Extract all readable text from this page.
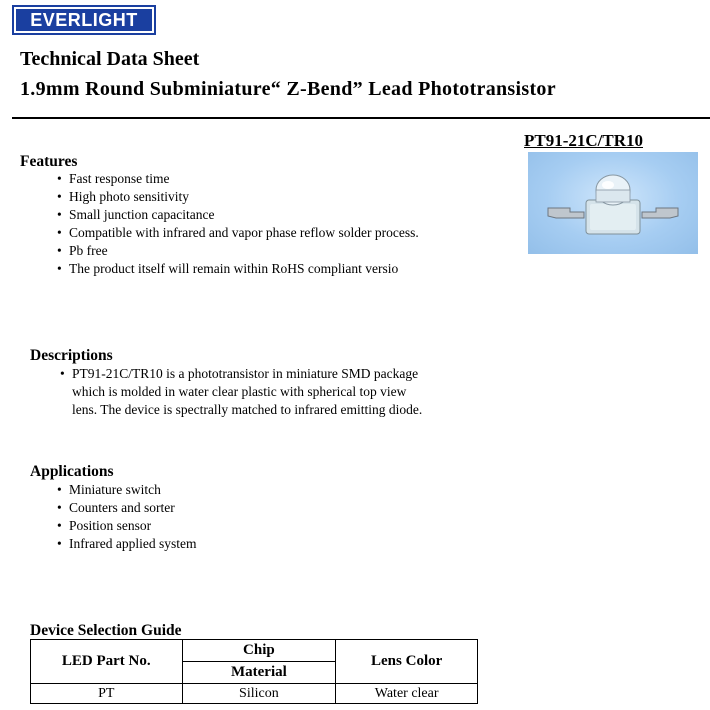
EVERLIGHT
Technical Data Sheet
1.9mm Round Subminiature“ Z-Bend” Lead Phototransistor
PT91-21C/TR10
Features
• Fast response time
• High photo sensitivity
• Small junction capacitance
• Compatible with infrared and vapor phase reflow solder process.
• Pb free
• The product itself will remain within RoHS compliant versio
Descriptions
• PT91-21C/TR10 is a phototransistor in miniature SMD package
which is molded in water clear plastic with spherical top view
lens. The device is spectrally matched to infrared emitting diode.
Applications
• Miniature switch
• Counters and sorter
• Position sensor
• Infrared applied system
Device Selection Guide
LED Part No.	Chip	Lens Color
	Material	
PT	Silicon	Water clear
